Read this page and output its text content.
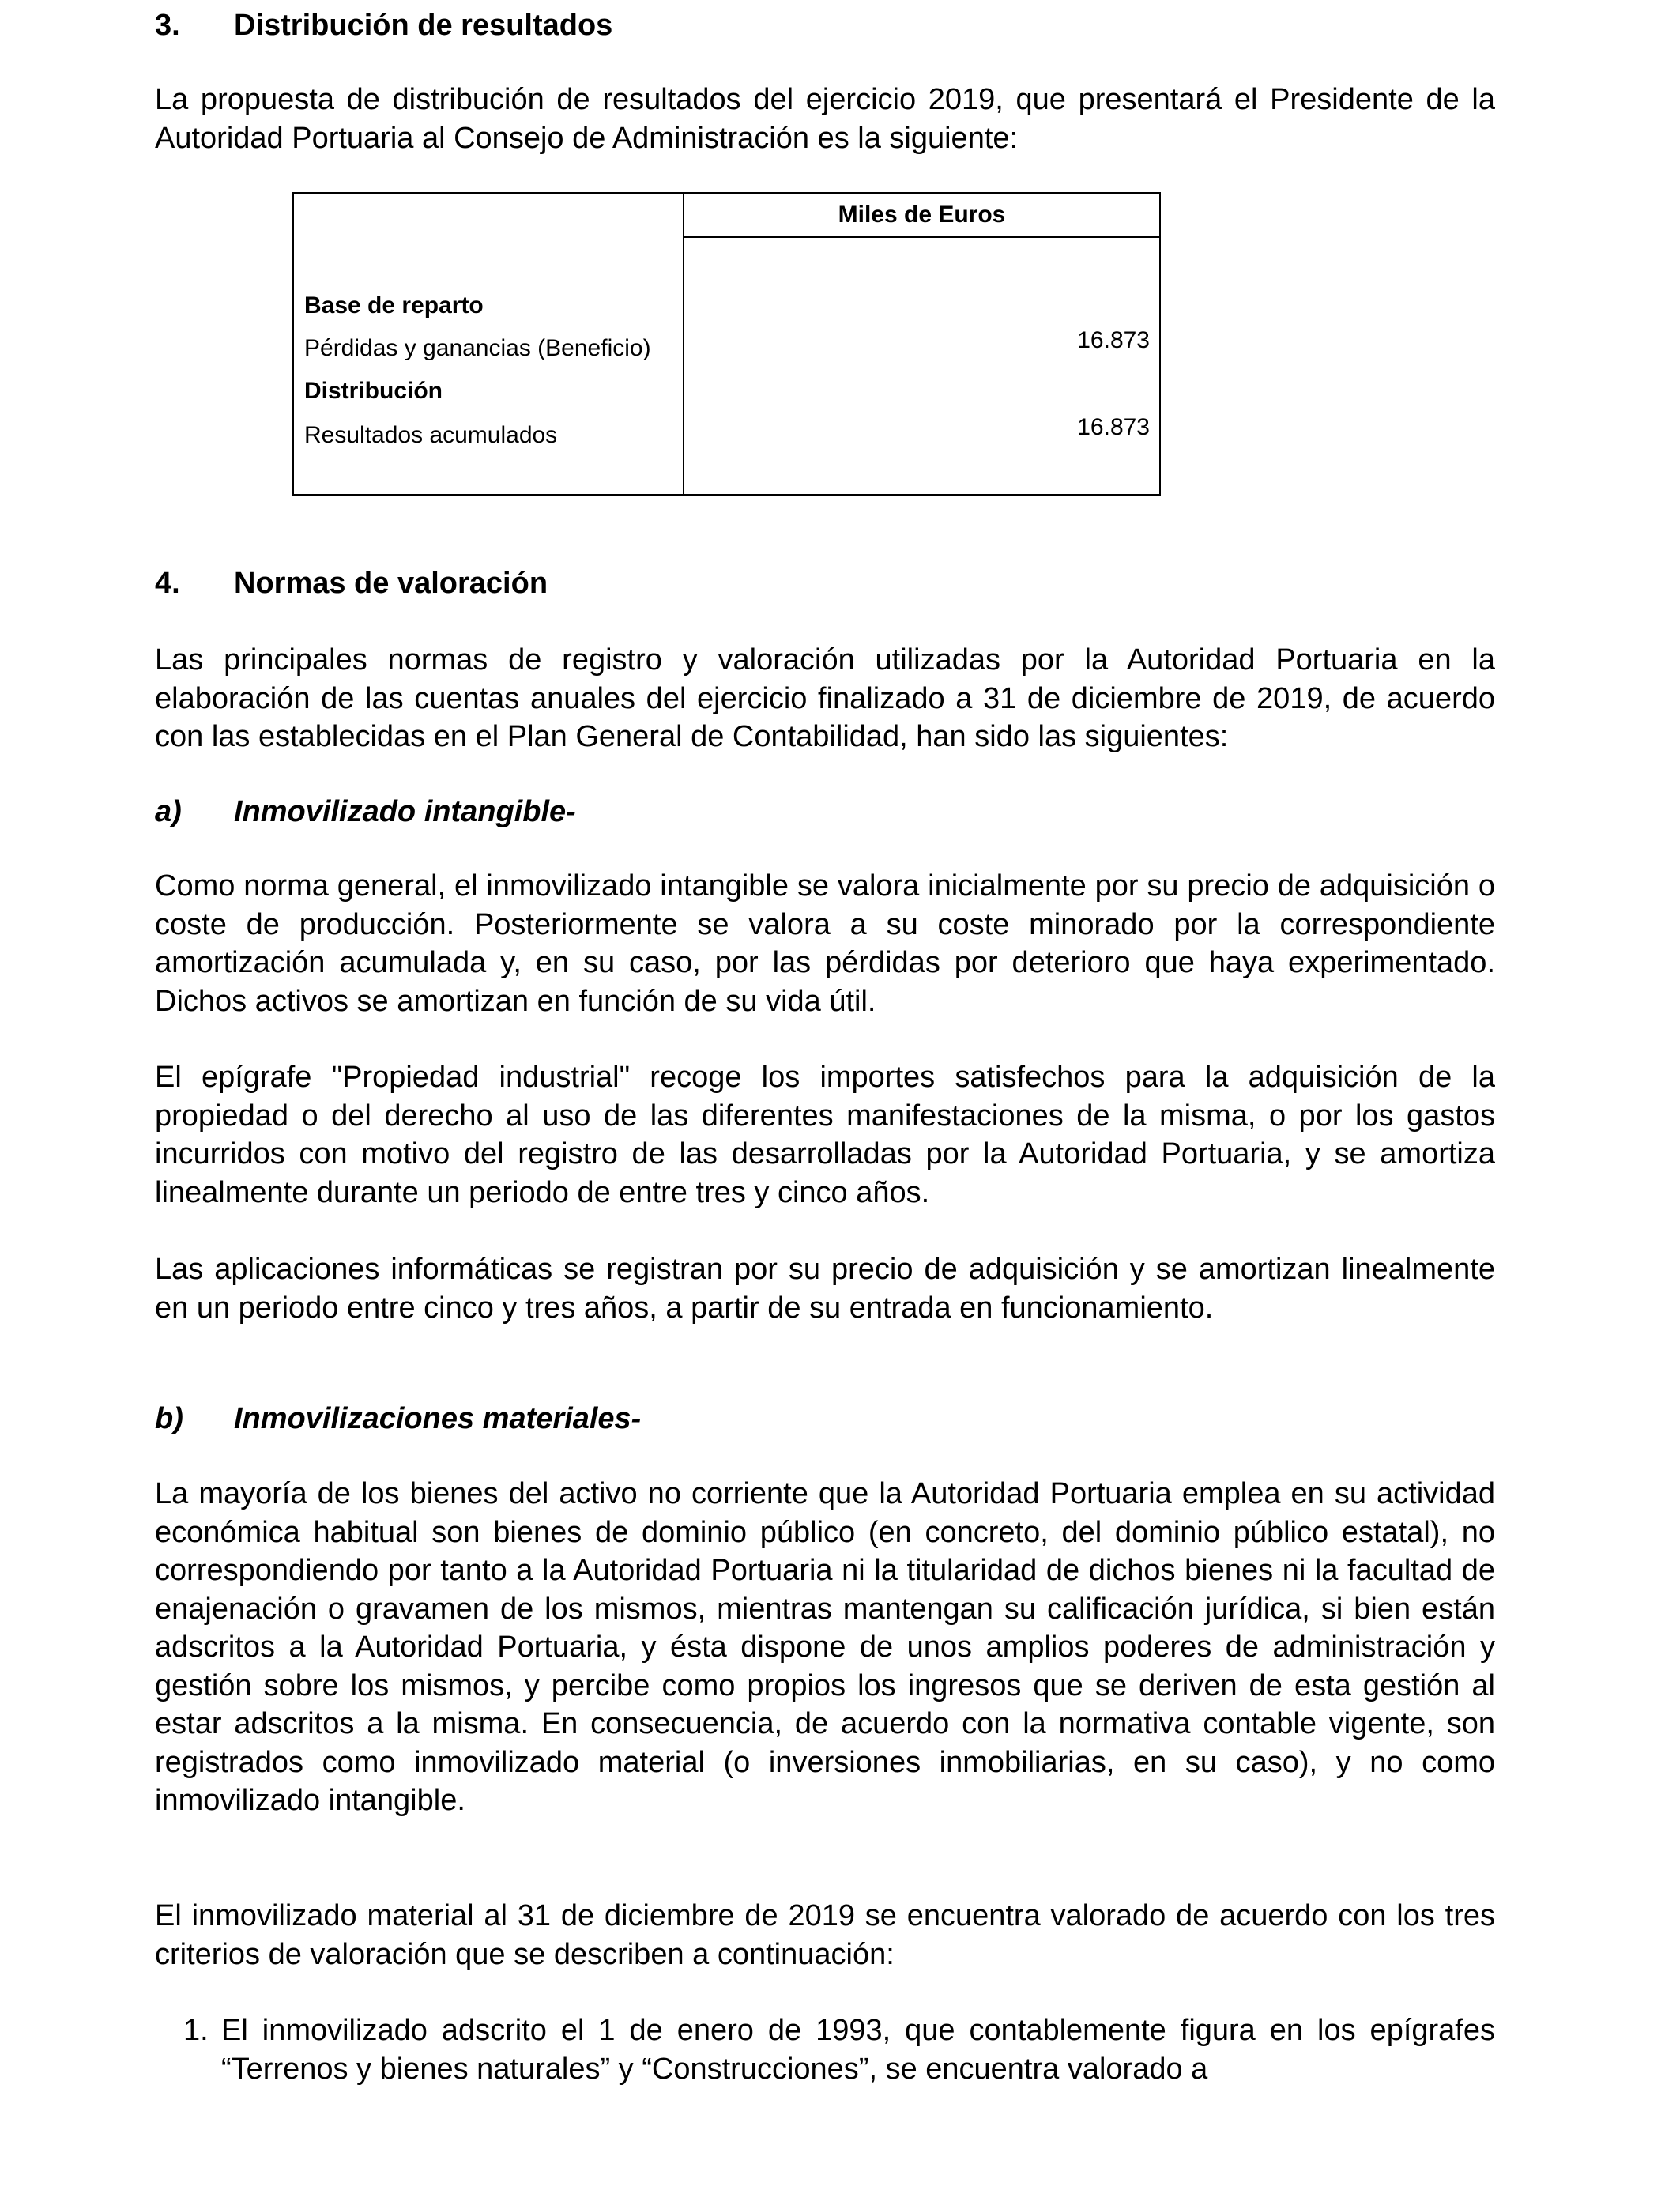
3.	Distribución de resultados

La propuesta de distribución de resultados del ejercicio 2019, que presentará el Presidente de la Autoridad Portuaria al Consejo de Administración es la siguiente:

Miles de Euros
Base de reparto
Pérdidas y ganancias (Beneficio)	16.873
Distribución
Resultados acumulados	16.873
4.	Normas de valoración

Las principales normas de registro y valoración utilizadas por la Autoridad Portuaria en la elaboración de las cuentas anuales del ejercicio finalizado a 31 de diciembre de 2019, de acuerdo con las establecidas en el Plan General de Contabilidad, han sido las siguientes:

a)	Inmovilizado intangible-

Como norma general, el inmovilizado intangible se valora inicialmente por su precio de adquisición o coste de producción. Posteriormente se valora a su coste minorado por la correspondiente amortización acumulada y, en su caso, por las pérdidas por deterioro que haya experimentado. Dichos activos se amortizan en función de su vida útil.

El epígrafe "Propiedad industrial" recoge los importes satisfechos para la adquisición de la propiedad o del derecho al uso de las diferentes manifestaciones de la misma, o por los gastos incurridos con motivo del registro de las desarrolladas por la Autoridad Portuaria, y se amortiza linealmente durante un periodo de entre tres y cinco años.

Las aplicaciones informáticas se registran por su precio de adquisición y se amortizan linealmente en un periodo entre cinco y tres años, a partir de su entrada en funcionamiento.

b)	Inmovilizaciones materiales-

La mayoría de los bienes del activo no corriente que la Autoridad Portuaria emplea en su actividad económica habitual son bienes de dominio público (en concreto, del dominio público estatal), no correspondiendo por tanto a la Autoridad Portuaria ni la titularidad de dichos bienes ni la facultad de enajenación o gravamen de los mismos, mientras mantengan su calificación jurídica, si bien están adscritos a la Autoridad Portuaria, y ésta dispone de unos amplios poderes de administración y gestión sobre los mismos, y percibe como propios los ingresos que se deriven de esta gestión al estar adscritos a la misma. En consecuencia, de acuerdo con la normativa contable vigente, son registrados como inmovilizado material (o inversiones inmobiliarias, en su caso), y no como inmovilizado intangible.

El inmovilizado material al 31 de diciembre de 2019 se encuentra valorado de acuerdo con los tres criterios de valoración que se describen a continuación:

1. El inmovilizado adscrito el 1 de enero de 1993, que contablemente figura en los epígrafes “Terrenos y bienes naturales” y “Construcciones”, se encuentra valorado a
